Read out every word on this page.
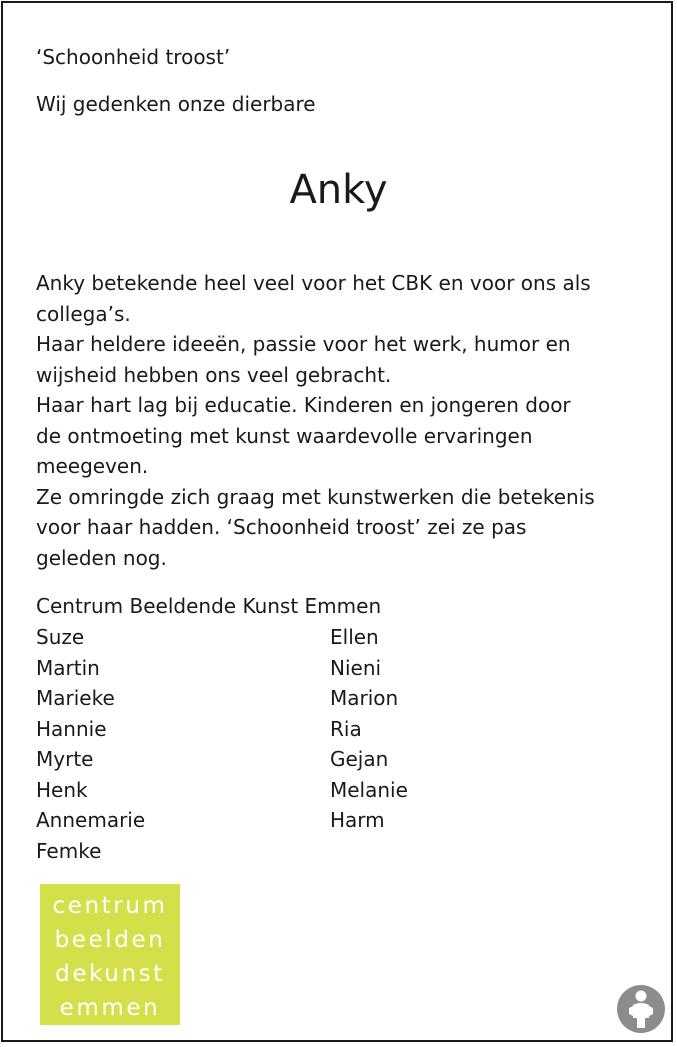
‘Schoonheid troost’
Wij gedenken onze dierbare
Anky
Anky betekende heel veel voor het CBK en voor ons als
collega’s.
Haar heldere ideeën, passie voor het werk, humor en
wijsheid hebben ons veel gebracht.
Haar hart lag bij educatie. Kinderen en jongeren door
de ontmoeting met kunst waardevolle ervaringen
meegeven.
Ze omringde zich graag met kunstwerken die betekenis
voor haar hadden. ‘Schoonheid troost’ zei ze pas
geleden nog.
Centrum Beeldende Kunst Emmen
Suze
Martin
Marieke
Hannie
Myrte
Henk
Annemarie
Femke
Ellen
Nieni
Marion
Ria
Gejan
Melanie
Harm
centrum
beelden
dekunst
emmen
